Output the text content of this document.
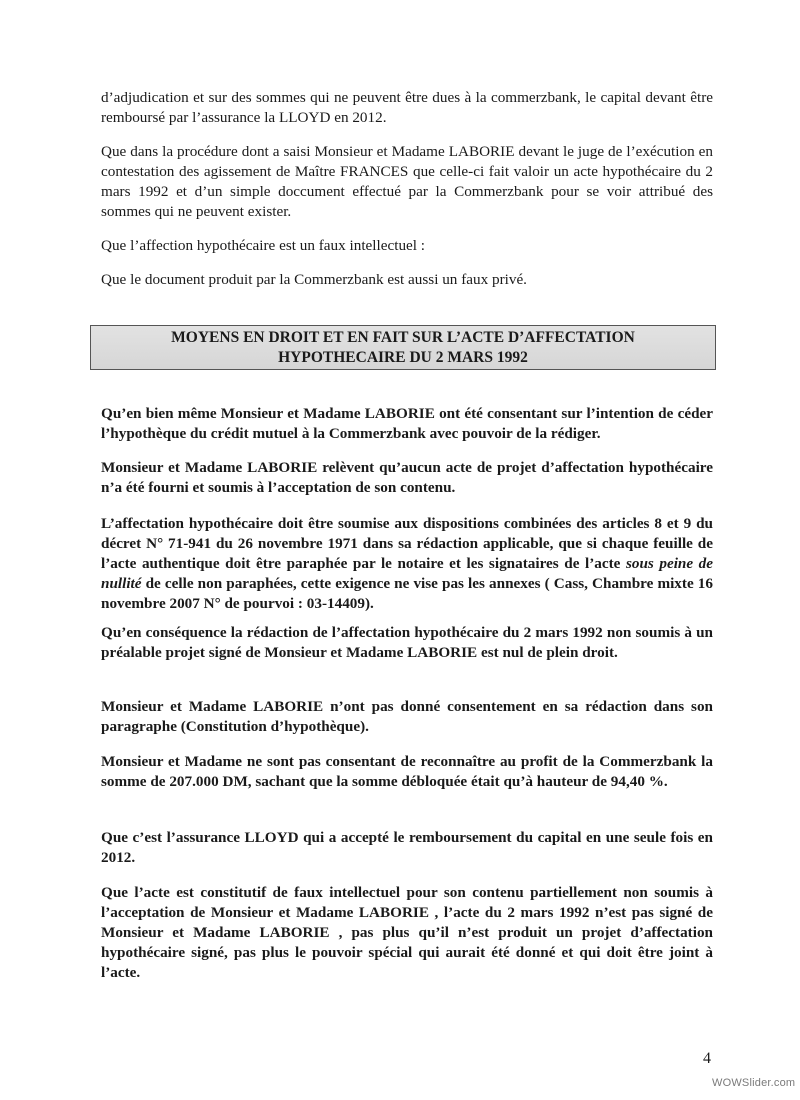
d’adjudication et sur des sommes qui ne peuvent être dues à la commerzbank, le capital devant être remboursé par l’assurance la LLOYD en 2012.

Que dans la procédure dont a saisi Monsieur et Madame LABORIE devant le juge de l’exécution en contestation des agissement de Maître FRANCES que celle-ci fait valoir un acte hypothécaire du 2 mars 1992 et d’un simple doccument effectué par la Commerzbank pour se voir attribué des sommes qui ne peuvent exister.

Que l’affection hypothécaire est un faux intellectuel :

Que le document produit par la Commerzbank est aussi un faux privé.

MOYENS EN DROIT ET EN FAIT SUR L’ACTE D’AFFECTATION
HYPOTHECAIRE DU 2 MARS 1992

Qu’en bien même Monsieur et Madame LABORIE ont été consentant sur l’intention de céder l’hypothèque du crédit mutuel à la Commerzbank avec pouvoir de la rédiger.

Monsieur et Madame LABORIE relèvent qu’aucun acte de projet d’affectation hypothécaire n’a été fourni et soumis à l’acceptation de son contenu.

L’affectation hypothécaire doit être soumise aux dispositions combinées des articles 8 et 9 du décret N° 71-941 du 26 novembre 1971 dans sa rédaction applicable, que si chaque feuille de l’acte authentique doit être paraphée par le notaire et les signataires de l’acte sous peine de nullité de celle non paraphées, cette exigence ne vise pas les annexes ( Cass, Chambre mixte 16 novembre 2007 N° de pourvoi : 03-14409).

Qu’en conséquence la rédaction de l’affectation hypothécaire du 2 mars 1992 non soumis à un préalable projet signé de Monsieur et Madame LABORIE est nul de plein droit.

Monsieur et Madame LABORIE n’ont pas donné consentement en sa rédaction dans son paragraphe (Constitution d’hypothèque).

Monsieur et Madame ne sont pas consentant de reconnaître au profit de la Commerzbank la somme de 207.000 DM, sachant que la somme débloquée était qu’à hauteur de 94,40 %.

Que c’est l’assurance LLOYD qui a accepté le remboursement du capital en une seule fois en 2012.

Que l’acte est constitutif de faux intellectuel pour son contenu partiellement non soumis à l’acceptation de Monsieur et Madame LABORIE , l’acte du 2 mars 1992 n’est pas signé de Monsieur et Madame LABORIE , pas plus qu’il n’est produit un projet d’affectation hypothécaire signé, pas plus le pouvoir spécial qui aurait été donné et qui doit être joint à l’acte.

4
WOWSlider.com
